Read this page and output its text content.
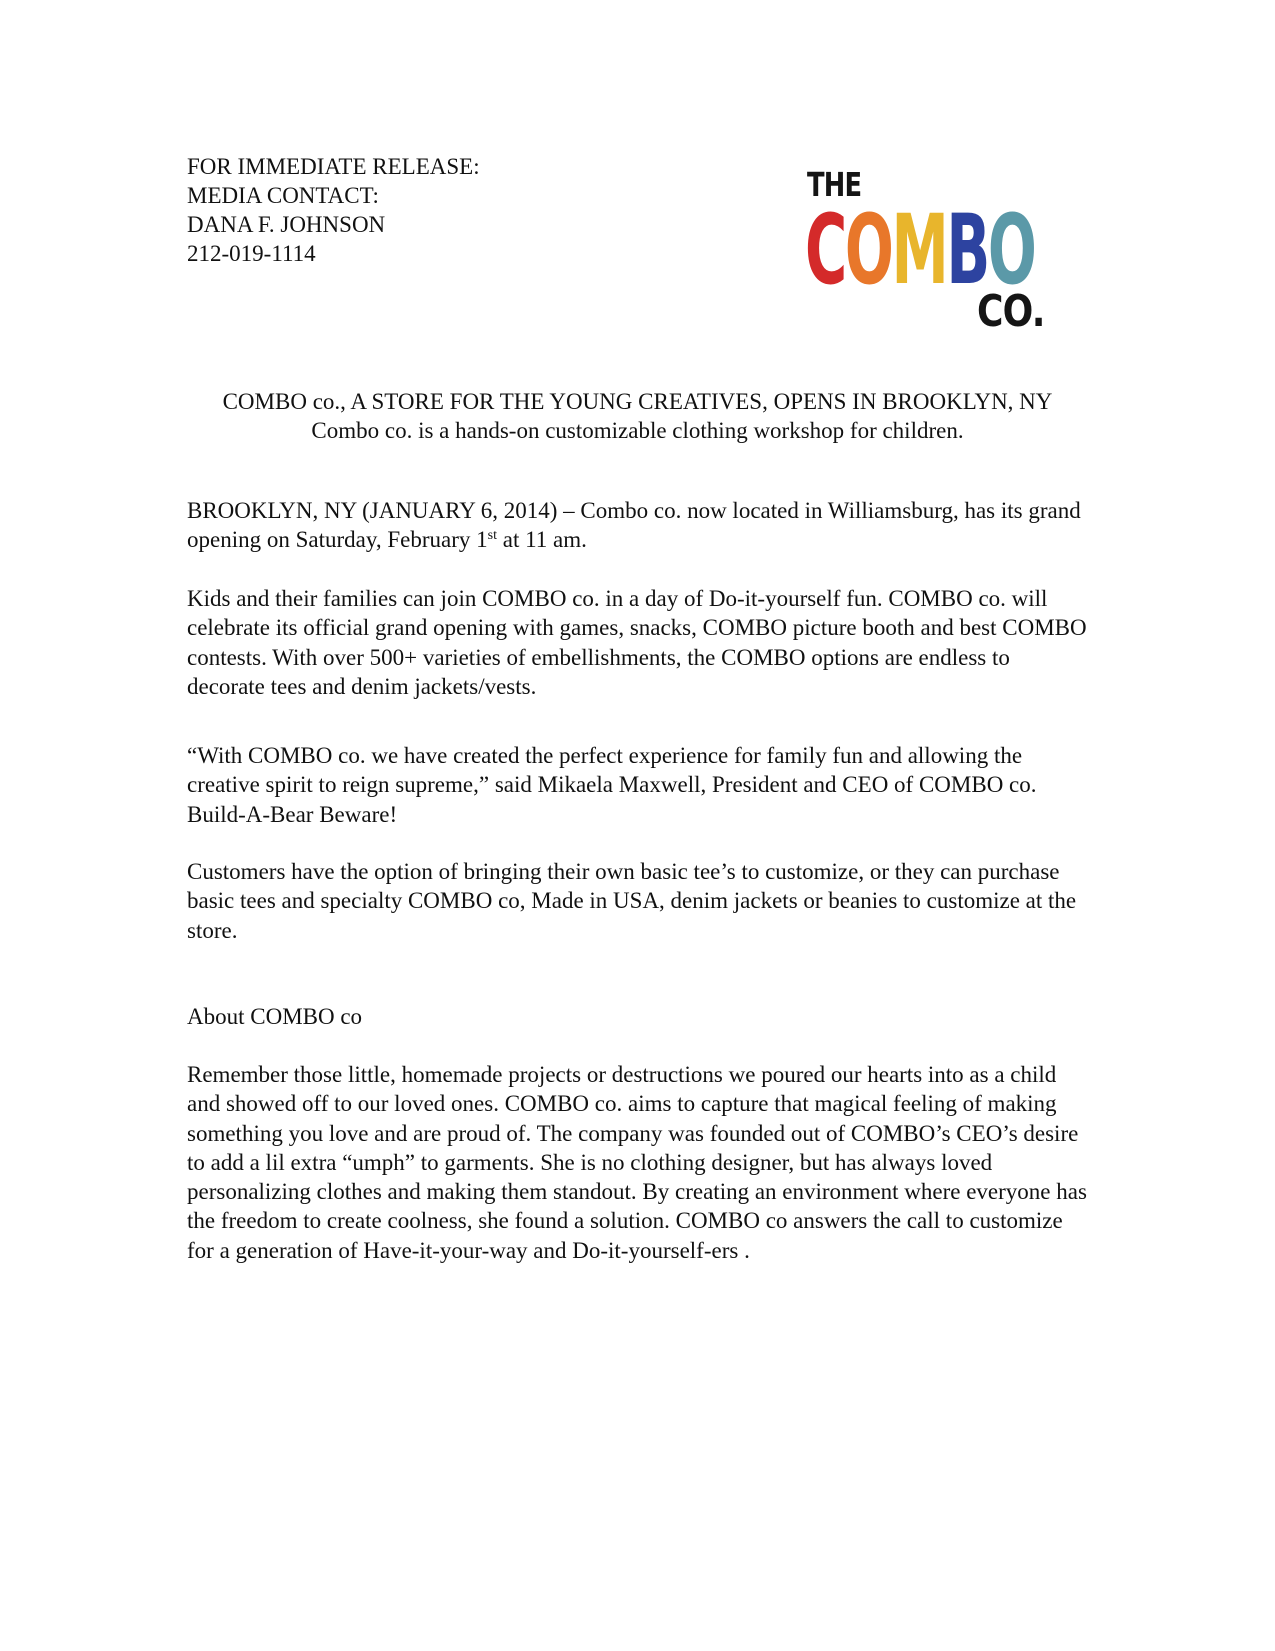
FOR IMMEDIATE RELEASE:
MEDIA CONTACT:
DANA F. JOHNSON
212-019-1114
THE
COMBO
CO.
COMBO co., A STORE FOR THE YOUNG CREATIVES, OPENS IN BROOKLYN, NY
Combo co. is a hands-on customizable clothing workshop for children.
BROOKLYN, NY (JANUARY 6, 2014) – Combo co. now located in Williamsburg, has its grand opening on Saturday, February 1st at 11 am.
Kids and their families can join COMBO co. in a day of Do-it-yourself fun. COMBO co. will celebrate its official grand opening with games, snacks, COMBO picture booth and best COMBO contests. With over 500+ varieties of embellishments, the COMBO options are endless to decorate tees and denim jackets/vests.
“With COMBO co. we have created the perfect experience for family fun and allowing the creative spirit to reign supreme,” said Mikaela Maxwell, President and CEO of COMBO co. Build-A-Bear Beware!
Customers have the option of bringing their own basic tee’s to customize, or they can purchase basic tees and specialty COMBO co, Made in USA, denim jackets or beanies to customize at the store.
About COMBO co
Remember those little, homemade projects or destructions we poured our hearts into as a child and showed off to our loved ones. COMBO co. aims to capture that magical feeling of making something you love and are proud of. The company was founded out of COMBO’s CEO’s desire to add a lil extra “umph” to garments. She is no clothing designer, but has always loved personalizing clothes and making them standout. By creating an environment where everyone has the freedom to create coolness, she found a solution. COMBO co answers the call to customize for a generation of Have-it-your-way and Do-it-yourself-ers .
